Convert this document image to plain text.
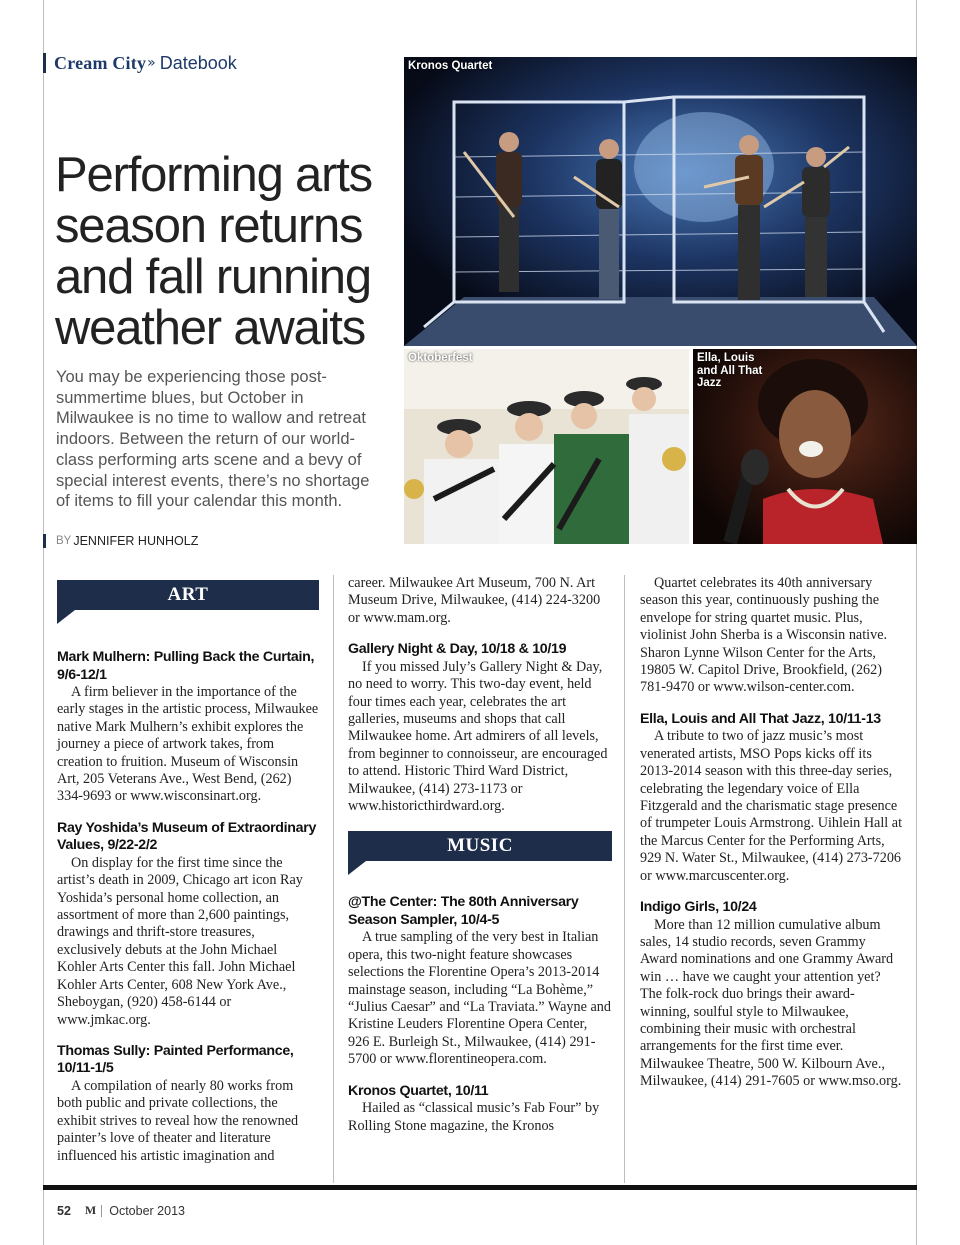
Cream City » Datebook
Performing arts season returns and fall running weather awaits

You may be experiencing those post-summertime blues, but October in Milwaukee is no time to wallow and retreat indoors. Between the return of our world-class performing arts scene and a bevy of special interest events, there’s no shortage of items to fill your calendar this month.

BY JENNIFER HUNHOLZ
Kronos Quartet
Oktoberfest	Ella, Louis and All That Jazz
ART

Mark Mulhern: Pulling Back the Curtain, 9/6-12/1

A firm believer in the importance of the early stages in the artistic process, Milwaukee native Mark Mulhern’s exhibit explores the journey a piece of artwork takes, from creation to fruition. Museum of Wisconsin Art, 205 Veterans Ave., West Bend, (262) 334-9693 or www.wisconsinart.org.

Ray Yoshida’s Museum of Extraordinary Values, 9/22-2/2

On display for the first time since the artist’s death in 2009, Chicago art icon Ray Yoshida’s personal home collection, an assortment of more than 2,600 paintings, drawings and thrift-store treasures, exclusively debuts at the John Michael Kohler Arts Center this fall. John Michael Kohler Arts Center, 608 New York Ave., Sheboygan, (920) 458-6144 or www.jmkac.org.

Thomas Sully: Painted Performance, 10/11-1/5

A compilation of nearly 80 works from both public and private collections, the exhibit strives to reveal how the renowned painter’s love of theater and literature influenced his artistic imagination and

career. Milwaukee Art Museum, 700 N. Art Museum Drive, Milwaukee, (414) 224-3200 or www.mam.org.

Gallery Night & Day, 10/18 & 10/19

If you missed July’s Gallery Night & Day, no need to worry. This two-day event, held four times each year, celebrates the art galleries, museums and shops that call Milwaukee home. Art admirers of all levels, from beginner to connoisseur, are encouraged to attend. Historic Third Ward District, Milwaukee, (414) 273-1173 or www.historicthirdward.org.

MUSIC

@The Center: The 80th Anniversary Season Sampler, 10/4-5

A true sampling of the very best in Italian opera, this two-night feature showcases selections the Florentine Opera’s 2013-2014 mainstage season, including “La Bohème,” “Julius Caesar” and “La Traviata.” Wayne and Kristine Leuders Florentine Opera Center, 926 E. Burleigh St., Milwaukee, (414) 291-5700 or www.florentineopera.com.

Kronos Quartet, 10/11

Hailed as “classical music’s Fab Four” by Rolling Stone magazine, the Kronos

Quartet celebrates its 40th anniversary season this year, continuously pushing the envelope for string quartet music. Plus, violinist John Sherba is a Wisconsin native. Sharon Lynne Wilson Center for the Arts, 19805 W. Capitol Drive, Brookfield, (262) 781-9470 or www.wilson-center.com.

Ella, Louis and All That Jazz, 10/11-13

A tribute to two of jazz music’s most venerated artists, MSO Pops kicks off its 2013-2014 season with this three-day series, celebrating the legendary voice of Ella Fitzgerald and the charismatic stage presence of trumpeter Louis Armstrong. Uihlein Hall at the Marcus Center for the Performing Arts, 929 N. Water St., Milwaukee, (414) 273-7206 or www.marcuscenter.org.

Indigo Girls, 10/24

More than 12 million cumulative album sales, 14 studio records, seven Grammy Award nominations and one Grammy Award win … have we caught your attention yet? The folk-rock duo brings their award-winning, soulful style to Milwaukee, combining their music with orchestral arrangements for the first time ever. Milwaukee Theatre, 500 W. Kilbourn Ave., Milwaukee, (414) 291-7605 or www.mso.org.

52 M October 2013
